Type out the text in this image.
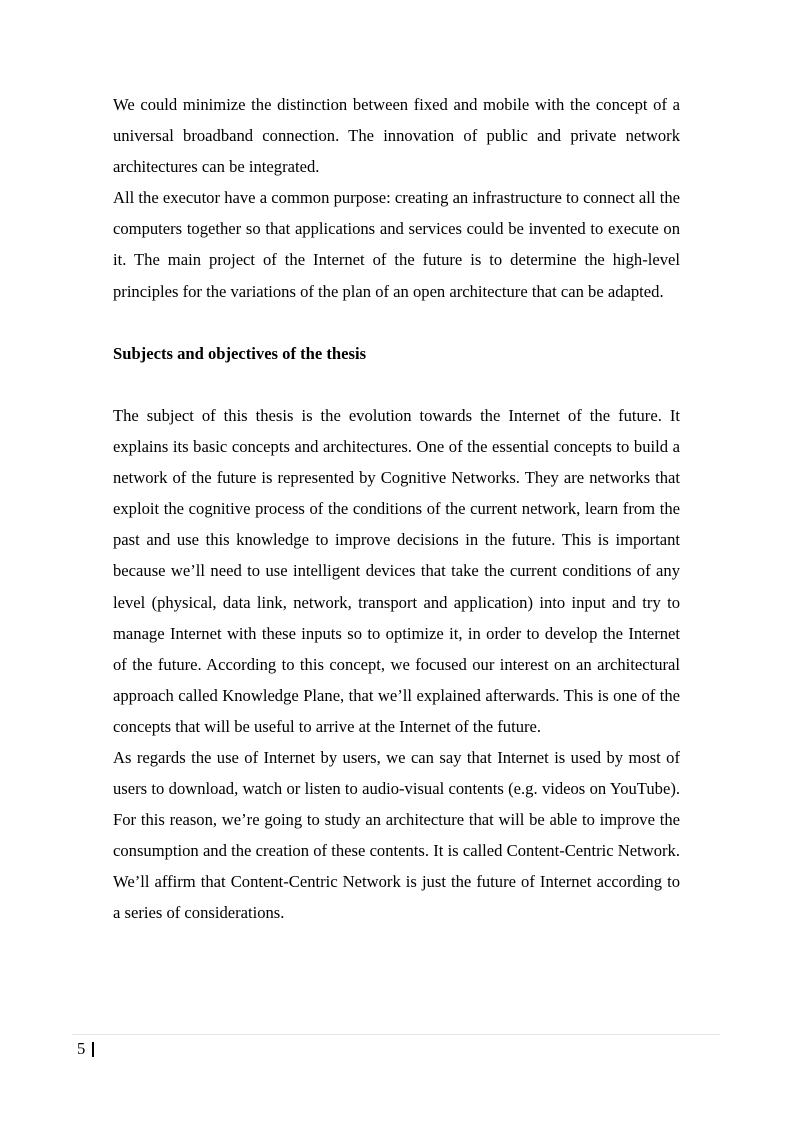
We could minimize the distinction between fixed and mobile with the concept of a universal broadband connection. The innovation of public and private network architectures can be integrated.

All the executor have a common purpose: creating an infrastructure to connect all the computers together so that applications and services could be invented to execute on it. The main project of the Internet of the future is to determine the high-level principles for the variations of the plan of an open architecture that can be adapted.

Subjects and objectives of the thesis

The subject of this thesis is the evolution towards the Internet of the future. It explains its basic concepts and architectures. One of the essential concepts to build a network of the future is represented by Cognitive Networks. They are networks that exploit the cognitive process of the conditions of the current network, learn from the past and use this knowledge to improve decisions in the future. This is important because we’ll need to use intelligent devices that take the current conditions of any level (physical, data link, network, transport and application) into input and try to manage Internet with these inputs so to optimize it, in order to develop the Internet of the future. According to this concept, we focused our interest on an architectural approach called Knowledge Plane, that we’ll explained afterwards. This is one of the concepts that will be useful to arrive at the Internet of the future.

As regards the use of Internet by users, we can say that Internet is used by most of users to download, watch or listen to audio-visual contents (e.g. videos on YouTube). For this reason, we’re going to study an architecture that will be able to improve the consumption and the creation of these contents. It is called Content-Centric Network. We’ll affirm that Content-Centric Network is just the future of Internet according to a series of considerations.

5
